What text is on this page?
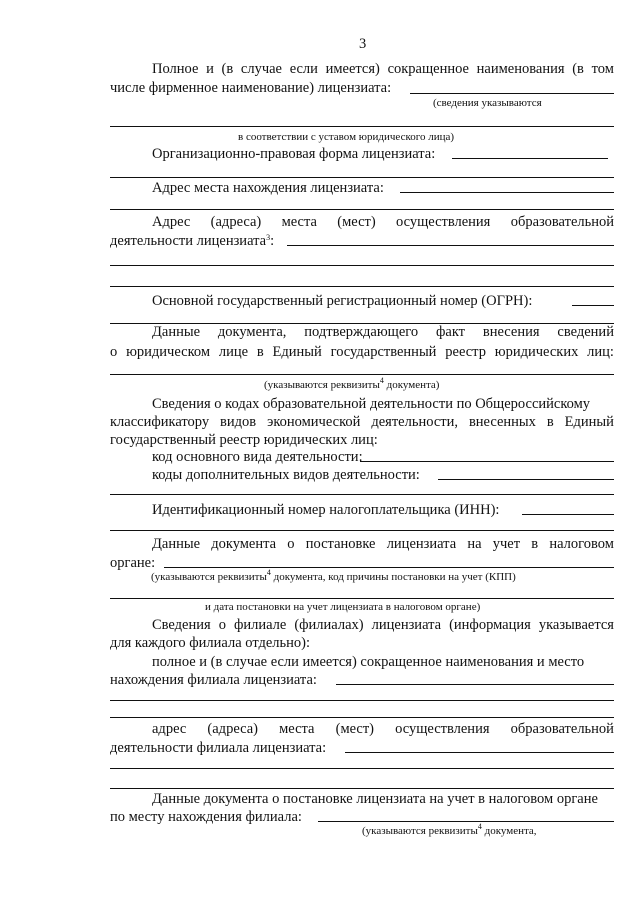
3
Полное и (в случае если имеется) сокращенное наименования (в том
числе фирменное наименование) лицензиата:
(сведения указываются
в соответствии с уставом юридического лица)
Организационно-правовая форма лицензиата:
Адрес места нахождения лицензиата:
Адрес (адреса) места (мест) осуществления образовательной
деятельности лицензиата$^3$:
Основной государственный регистрационный номер (ОГРН):
Данные документа, подтверждающего факт внесения сведений
о юридическом лице в Единый государственный реестр юридических лиц:
(указываются реквизиты$^4$ документа)
Сведения о кодах образовательной деятельности по Общероссийскому
классификатору видов экономической деятельности, внесенных в Единый
государственный реестр юридических лиц:
код основного вида деятельности:
коды дополнительных видов деятельности:
Идентификационный номер налогоплательщика (ИНН):
Данные документа о постановке лицензиата на учет в налоговом
органе:
(указываются реквизиты$^4$ документа, код причины постановки на учет (КПП)
и дата постановки на учет лицензиата в налоговом органе)
Сведения о филиале (филиалах) лицензиата (информация указывается
для каждого филиала отдельно):
полное и (в случае если имеется) сокращенное наименования и место
нахождения филиала лицензиата:
адрес (адреса) места (мест) осуществления образовательной
деятельности филиала лицензиата:
Данные документа о постановке лицензиата на учет в налоговом органе
по месту нахождения филиала:
(указываются реквизиты$^4$ документа,
